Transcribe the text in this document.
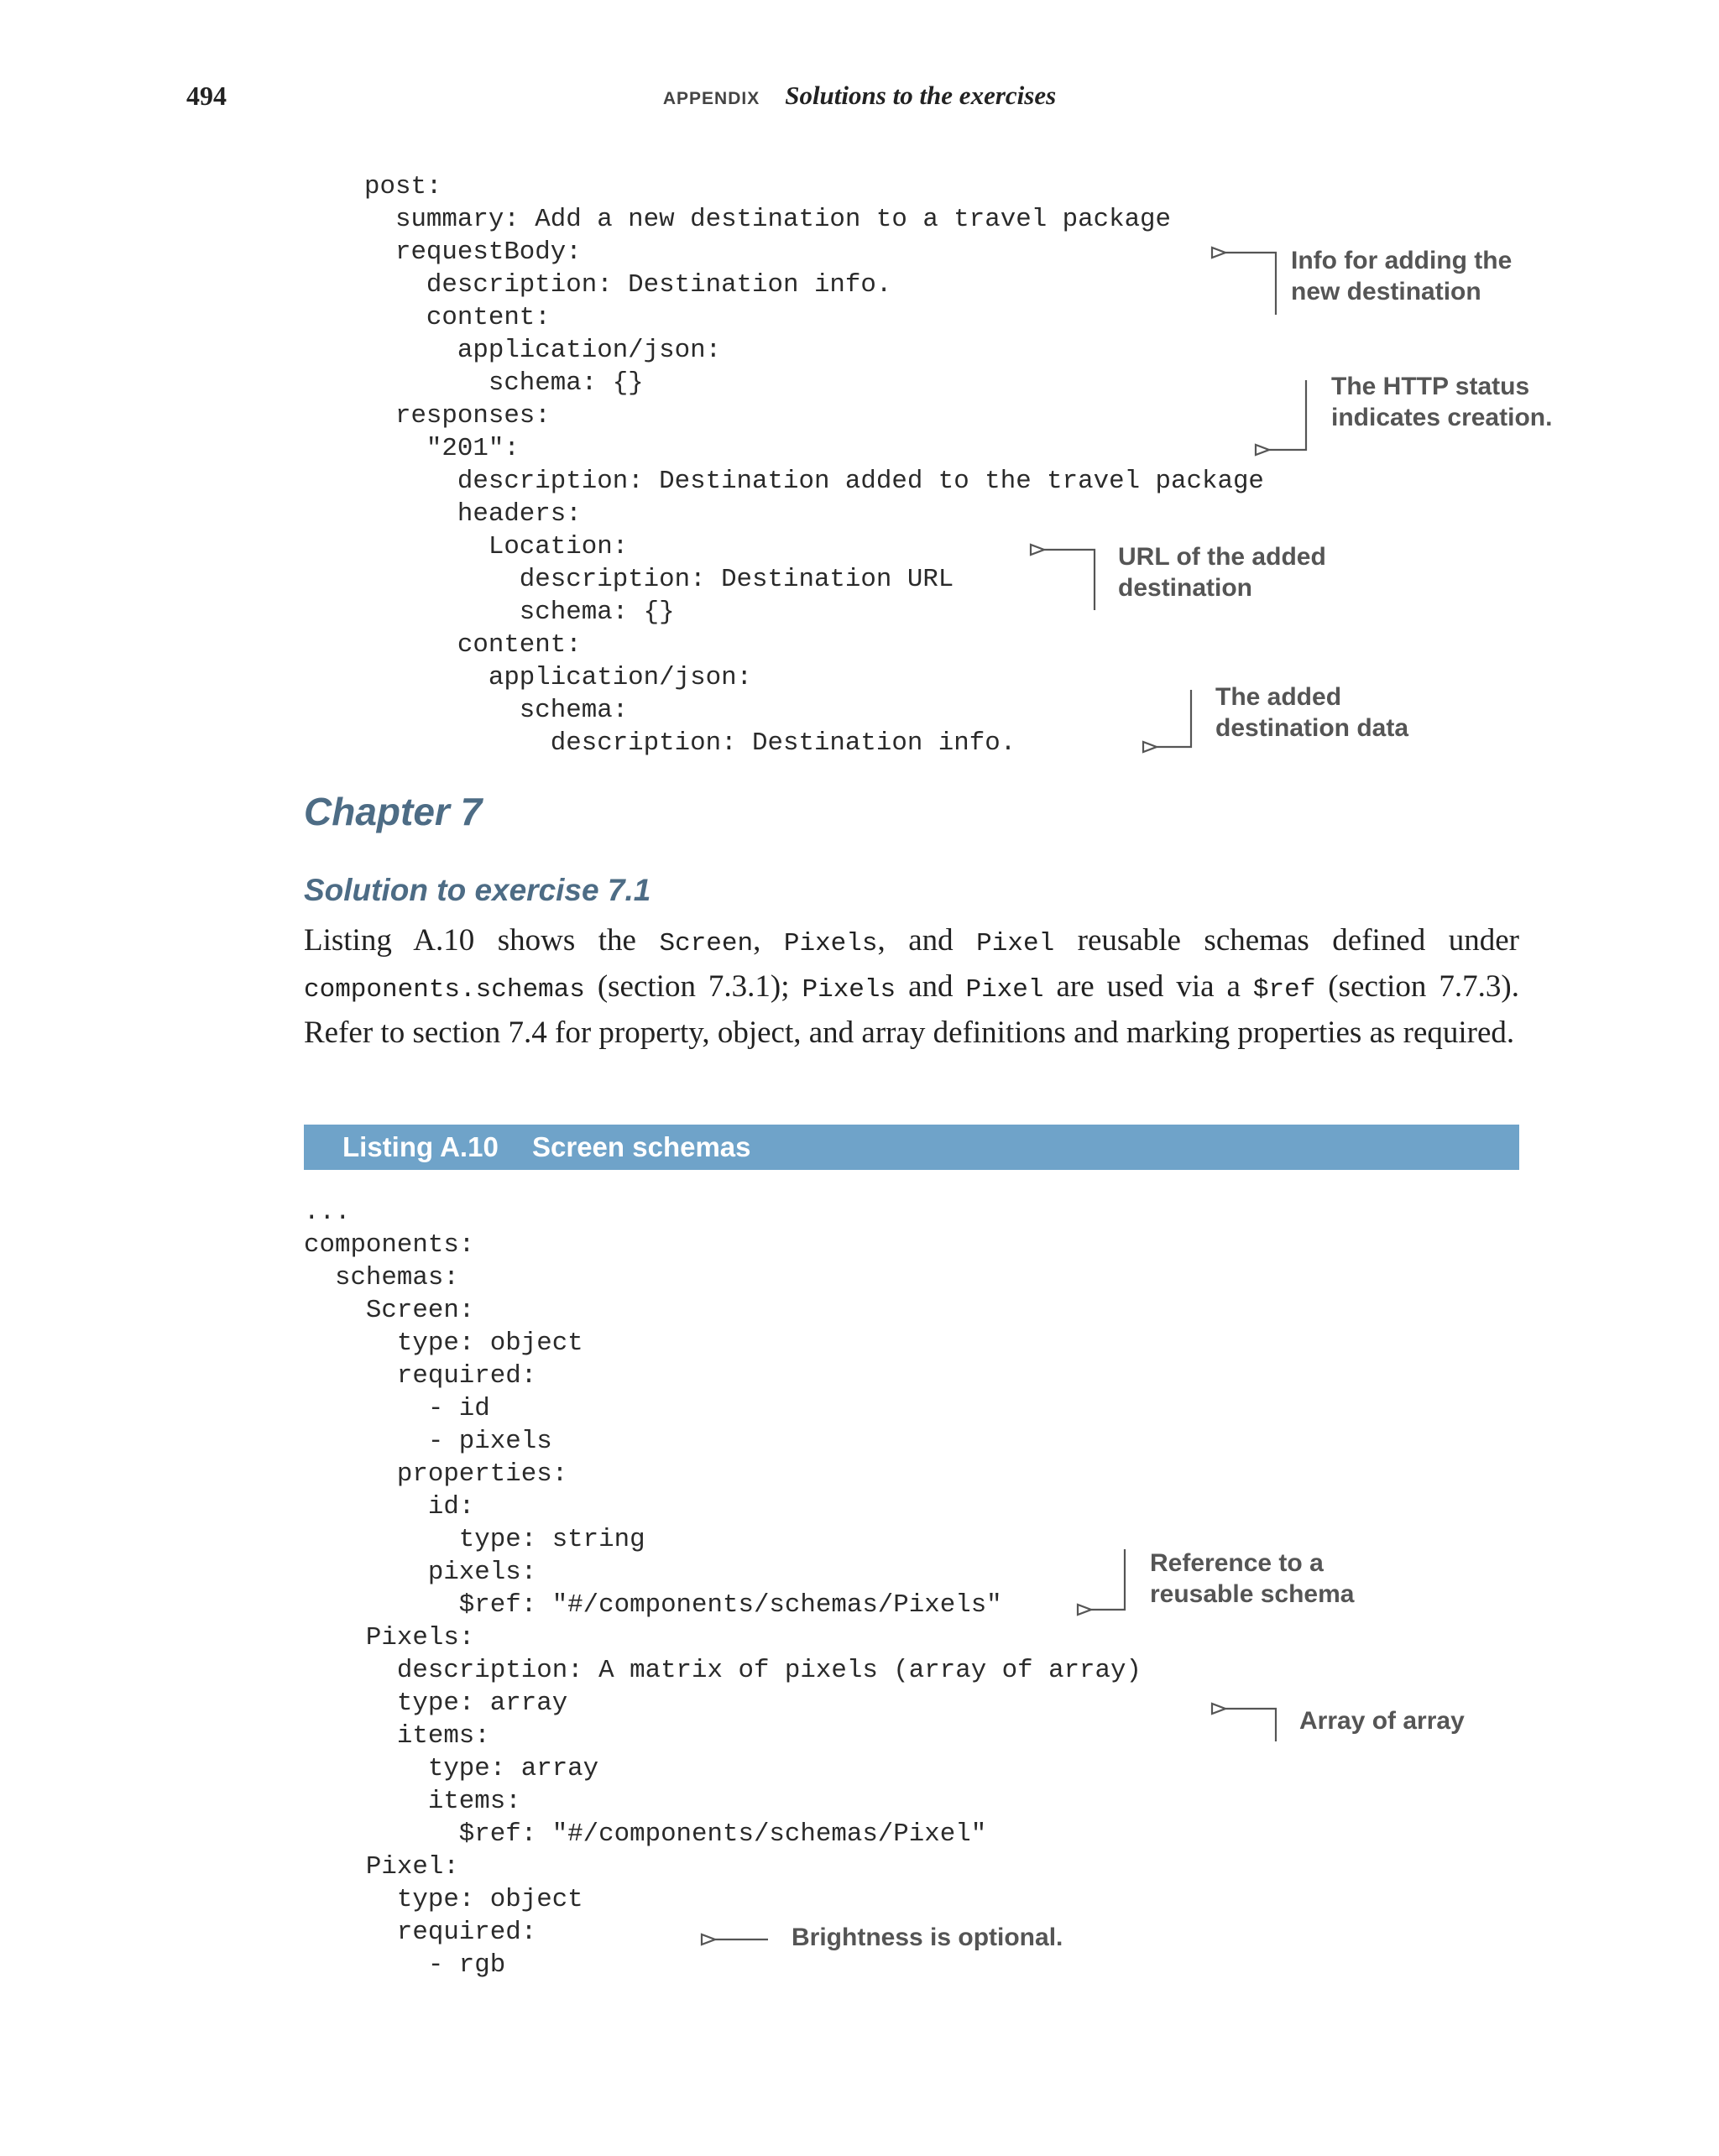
494	APPENDIX Solutions to the exercises

post:

summary: Add a new destination to a travel package

requestBody:

description: Destination info.

content:

application/json:

schema: {}

responses:

"201":

description: Destination added to the travel package

headers:

Location:

description: Destination URL

schema: {}

content:

application/json:

schema:

description: Destination info.

Info for adding the
new destination
The HTTP status
indicates creation.
URL of the added
destination
The added
destination data
Chapter 7
Solution to exercise 7.1
Listing A.10 shows the Screen, Pixels, and Pixel reusable schemas defined under components.schemas (section 7.3.1); Pixels and Pixel are used via a $ref (section 7.7.3). Refer to section 7.4 for property, object, and array definitions and marking properties as required.
Listing A.10 Screen schemas

...

components:

schemas:

Screen:

type: object

required:

- id

- pixels

properties:

id:

type: string

pixels:

$ref: "#/components/schemas/Pixels"

Pixels:

description: A matrix of pixels (array of array)

type: array

items:

type: array

items:

$ref: "#/components/schemas/Pixel"

Pixel:

type: object

required:

- rgb

Reference to a
reusable schema
Array of array
Brightness is optional.
